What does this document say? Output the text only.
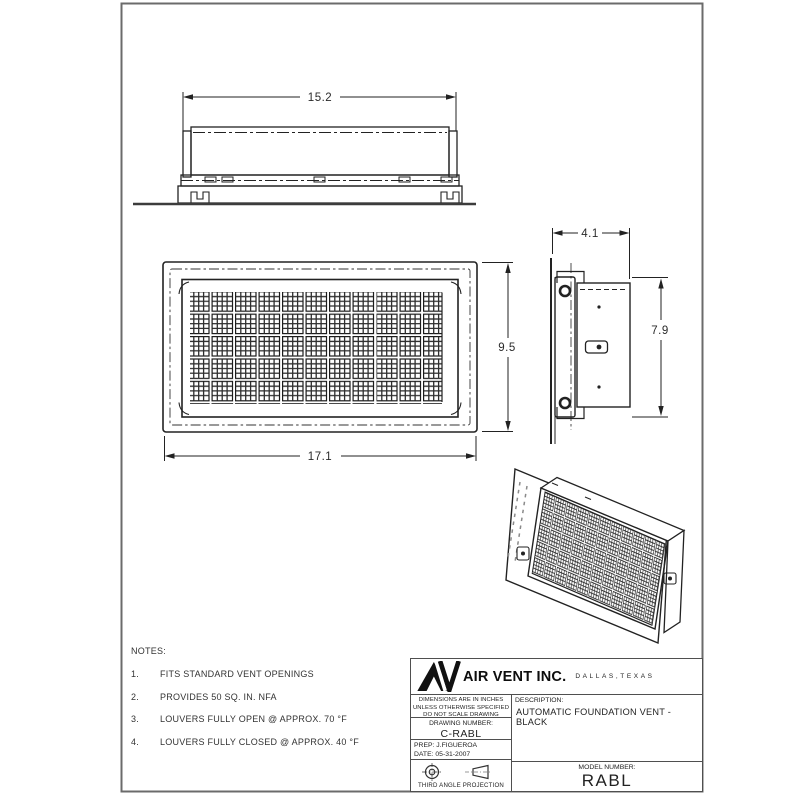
15.2
17.1
9.5
4.1
7.9
NOTES:
1.	FITS STANDARD VENT OPENINGS
2.	PROVIDES 50 SQ. IN. NFA
3.	LOUVERS FULLY OPEN @ APPROX. 70 °F
4.	LOUVERS FULLY CLOSED @ APPROX. 40 °F
AIR VENT INC. DALLAS,TEXAS
DIMENSIONS ARE IN INCHES
UNLESS OTHERWISE SPECIFIED
DO NOT SCALE DRAWING
DRAWING NUMBER:
C-RABL
PREP: J.FIGUEROA
DATE: 05-31-2007
THIRD ANGLE PROJECTION
DESCRIPTION:
AUTOMATIC FOUNDATION VENT - BLACK
MODEL NUMBER:
RABL
